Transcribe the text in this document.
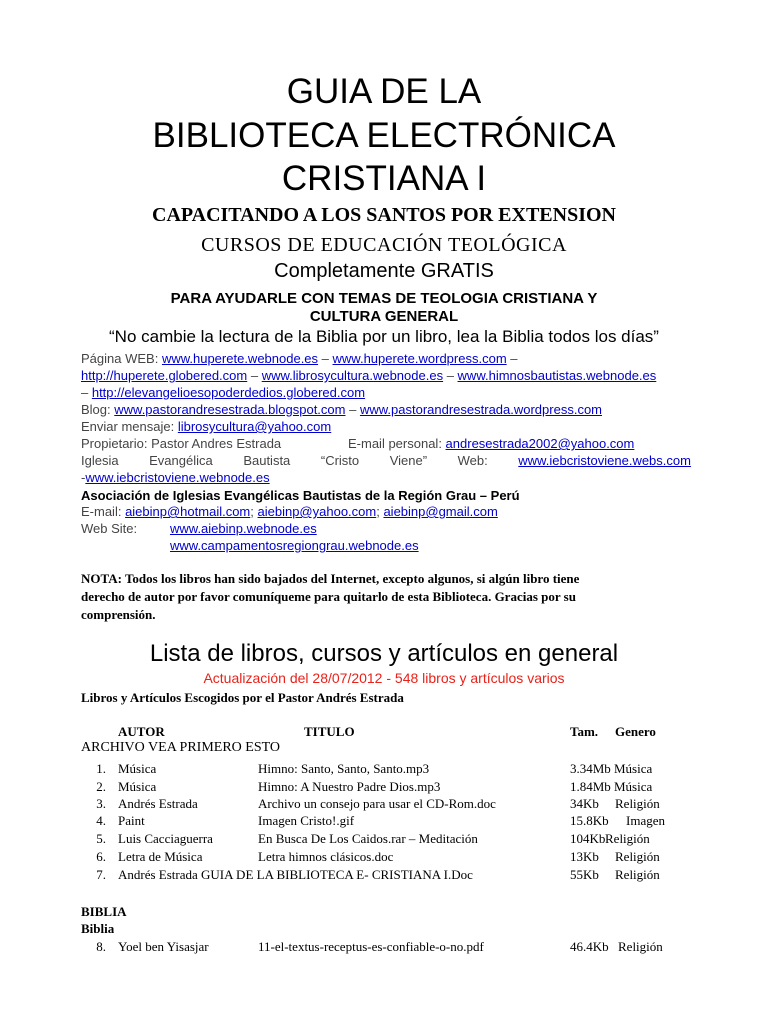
GUIA DE LA
BIBLIOTECA ELECTRÓNICA
CRISTIANA I
CAPACITANDO A LOS SANTOS POR EXTENSION
CURSOS DE EDUCACIÓN TEOLÓGICA
Completamente GRATIS
PARA AYUDARLE CON TEMAS DE TEOLOGIA CRISTIANA Y
CULTURA GENERAL
“No cambie la lectura de la Biblia por un libro, lea la Biblia todos los días”
Página WEB: www.huperete.webnode.es – www.huperete.wordpress.com –
http://huperete.globered.com – www.librosycultura.webnode.es – www.himnosbautistas.webnode.es
– http://elevangelioesopoderdedios.globered.com
Blog: www.pastorandresestrada.blogspot.com – www.pastorandresestrada.wordpress.com
Enviar mensaje: librosycultura@yahoo.com
Propietario: Pastor Andres Estrada	E-mail personal: andresestrada2002@yahoo.com
Iglesia Evangélica Bautista “Cristo Viene” Web: www.iebcristoviene.webs.com
-www.iebcristoviene.webnode.es
Asociación de Iglesias Evangélicas Bautistas de la Región Grau – Perú
E-mail: aiebinp@hotmail.com; aiebinp@yahoo.com; aiebinp@gmail.com
Web Site:	www.aiebinp.webnode.es
www.campamentosregiongrau.webnode.es
NOTA: Todos los libros han sido bajados del Internet, excepto algunos, si algún libro tiene
derecho de autor por favor comuníqueme para quitarlo de esta Biblioteca. Gracias por su
comprensión.
Lista de libros, cursos y artículos en general
Actualización del 28/07/2012 - 548 libros y artículos varios
Libros y Artículos Escogidos por el Pastor Andrés Estrada
AUTOR	TITULO	Tam. Genero
ARCHIVO VEA PRIMERO ESTO
1. Música	Himno: Santo, Santo, Santo.mp3	3.34Mb Música
2. Música	Himno: A Nuestro Padre Dios.mp3	1.84Mb Música
3. Andrés Estrada	Archivo un consejo para usar el CD-Rom.doc	34Kb Religión
4. Paint	Imagen Cristo!.gif	15.8Kb Imagen
5. Luis Cacciaguerra	En Busca De Los Caidos.rar – Meditación	104Kb Religión
6. Letra de Música	Letra himnos clásicos.doc	13Kb Religión
7. Andrés Estrada GUIA DE LA BIBLIOTECA E- CRISTIANA I.Doc	55Kb Religión
BIBLIA
Biblia
8. Yoel ben Yisasjar	11-el-textus-receptus-es-confiable-o-no.pdf	46.4Kb Religión
